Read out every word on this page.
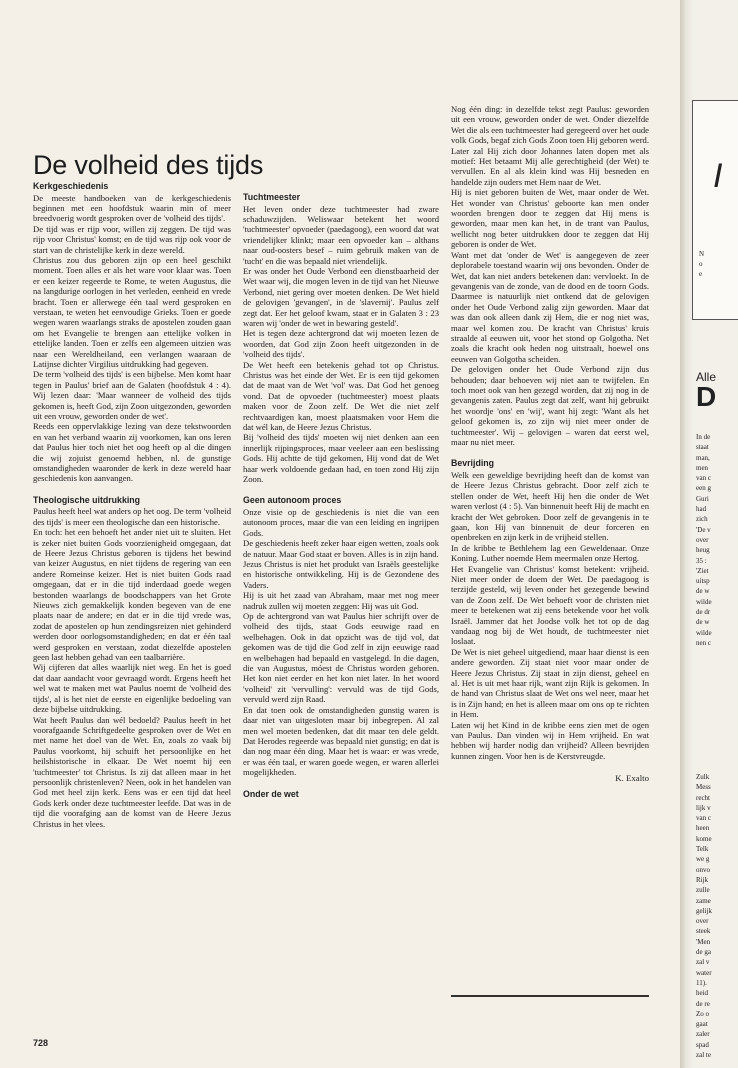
De volheid des tijds
Kerkgeschiedenis

De meeste handboeken van de kerkgeschiedenis beginnen met een hoofdstuk waarin min of meer breedvoerig wordt gesproken over de 'volheid des tijds'.

De tijd was er rijp voor, willen zij zeggen. De tijd was rijp voor Christus' komst; en de tijd was rijp ook voor de start van de christelijke kerk in deze wereld.

Christus zou dus geboren zijn op een heel geschikt moment. Toen alles er als het ware voor klaar was. Toen er een keizer regeerde te Rome, te weten Augustus, die na langdurige oorlogen in het verleden, eenheid en vrede bracht. Toen er allerwege één taal werd gesproken en verstaan, te weten het eenvoudige Grieks. Toen er goede wegen waren waarlangs straks de apostelen zouden gaan om het Evangelie te brengen aan ettelijke volken in ettelijke landen. Toen er zelfs een algemeen uitzien was naar een Wereldheiland, een verlangen waaraan de Latijnse dichter Virgilius uitdrukking had gegeven.

De term 'volheid des tijds' is een bijbelse. Men komt haar tegen in Paulus' brief aan de Galaten (hoofdstuk 4 : 4). Wij lezen daar: 'Maar wanneer de volheid des tijds gekomen is, heeft God, zijn Zoon uitgezonden, geworden uit een vrouw, geworden onder de wet'.

Reeds een oppervlakkige lezing van deze tekstwoorden en van het verband waarin zij voorkomen, kan ons leren dat Paulus hier toch niet het oog heeft op al die dingen die wij zojuist genoemd hebben, nl. de gunstige omstandigheden waaronder de kerk in deze wereld haar geschiedenis kon aanvangen.

Theologische uitdrukking

Paulus heeft heel wat anders op het oog. De term 'volheid des tijds' is meer een theologische dan een historische.

En toch: het een behoeft het ander niet uit te sluiten. Het is zeker niet buiten Gods voorzienigheid omgegaan, dat de Heere Jezus Christus geboren is tijdens het bewind van keizer Augustus, en niet tijdens de regering van een andere Romeinse keizer. Het is niet buiten Gods raad omgegaan, dat er in die tijd inderdaad goede wegen bestonden waarlangs de boodschappers van het Grote Nieuws zich gemakkelijk konden begeven van de ene plaats naar de andere; en dat er in die tijd vrede was, zodat de apostelen op hun zendingsreizen niet gehinderd werden door oorlogsomstandigheden; en dat er één taal werd gesproken en verstaan, zodat diezelfde apostelen geen last hebben gehad van een taalbarrière.

Wij cijferen dat alles waarlijk niet weg. En het is goed dat daar aandacht voor gevraagd wordt. Ergens heeft het wel wat te maken met wat Paulus noemt de 'volheid des tijds', al is het niet de eerste en eigenlijke bedoeling van deze bijbelse uitdrukking.

Wat heeft Paulus dan wél bedoeld? Paulus heeft in het voorafgaande Schriftgedeelte gesproken over de Wet en met name het doel van de Wet. En, zoals zo vaak bij Paulus voorkomt, hij schuift het persoonlijke en het heilshistorische in elkaar. De Wet noemt hij een 'tuchtmeester' tot Christus. Is zij dat alleen maar in het persoonlijk christenleven? Neen, ook in het handelen van God met heel zijn kerk. Eens was er een tijd dat heel Gods kerk onder deze tuchtmeester leefde. Dat was in de tijd die voorafging aan de komst van de Heere Jezus Christus in het vlees.

Tuchtmeester

Het leven onder deze tuchtmeester had zware schaduwzijden. Weliswaar betekent het woord 'tuchtmeester' opvoeder (paedagoog), een woord dat wat vriendelijker klinkt; maar een opvoeder kan – althans naar oud-oosters besef – ruim gebruik maken van de 'tucht' en die was bepaald niet vriendelijk.

Er was onder het Oude Verbond een dienstbaarheid der Wet waar wij, die mogen leven in de tijd van het Nieuwe Verbond, niet gering over moeten denken. De Wet hield de gelovigen 'gevangen', in de 'slavernij'. Paulus zelf zegt dat. Eer het geloof kwam, staat er in Galaten 3 : 23 waren wij 'onder de wet in bewaring gesteld'.

Het is tegen deze achtergrond dat wij moeten lezen de woorden, dat God zijn Zoon heeft uitgezonden in de 'volheid des tijds'.

De Wet heeft een betekenis gehad tot op Christus. Christus was het einde der Wet. Er is een tijd gekomen dat de maat van de Wet 'vol' was. Dat God het genoeg vond. Dat de opvoeder (tuchtmeester) moest plaats maken voor de Zoon zelf. De Wet die niet zelf rechtvaardigen kan, moest plaatsmaken voor Hem die dat wél kan, de Heere Jezus Christus.

Bij 'volheid des tijds' moeten wij niet denken aan een innerlijk rijpingsproces, maar veeleer aan een beslissing Gods. Hij achtte de tijd gekomen, Hij vond dat de Wet haar werk voldoende gedaan had, en toen zond Hij zijn Zoon.

Geen autonoom proces

Onze visie op de geschiedenis is niet die van een autonoom proces, maar die van een leiding en ingrijpen Gods.

De geschiedenis heeft zeker haar eigen wetten, zoals ook de natuur. Maar God staat er boven. Alles is in zijn hand.

Jezus Christus is niet het produkt van Israëls geestelijke en historische ontwikkeling. Hij is de Gezondene des Vaders.

Hij is uit het zaad van Abraham, maar met nog meer nadruk zullen wij moeten zeggen: Hij was uit God.

Op de achtergrond van wat Paulus hier schrijft over de volheid des tijds, staat Gods eeuwige raad en welbehagen. Ook in dat opzicht was de tijd vol, dat gekomen was de tijd die God zelf in zijn eeuwige raad en welbehagen had bepaald en vastgelegd. In die dagen, die van Augustus, móest de Christus worden geboren. Het kon niet eerder en het kon niet later. In het woord 'volheid' zit 'vervulling': vervuld was de tijd Gods, vervuld werd zijn Raad.

En dat toen ook de omstandigheden gunstig waren is daar niet van uitgesloten maar bij inbegrepen. Al zal men wel moeten bedenken, dat dit maar ten dele geldt. Dat Herodes regeerde was bepaald niet gunstig; en dat is dan nog maar één ding. Maar het is waar: er was vrede, er was één taal, er waren goede wegen, er waren allerlei mogelijkheden.

Onder de wet

Nog één ding: in dezelfde tekst zegt Paulus: geworden uit een vrouw, geworden onder de wet. Onder diezelfde Wet die als een tuchtmeester had geregeerd over het oude volk Gods, begaf zich Gods Zoon toen Hij geboren werd. Later zal Hij zich door Johannes laten dopen met als motief: Het betaamt Mij alle gerechtigheid (der Wet) te vervullen. En al als klein kind was Hij besneden en handelde zijn ouders met Hem naar de Wet.

Hij is niet geboren buiten de Wet, maar onder de Wet. Het wonder van Christus' geboorte kan men onder woorden brengen door te zeggen dat Hij mens is geworden, maar men kan het, in de trant van Paulus, wellicht nog beter uitdrukken door te zeggen dat Hij geboren is onder de Wet.

Want met dat 'onder de Wet' is aangegeven de zeer deplorabele toestand waarin wij ons bevonden. Onder de Wet, dat kan niet anders betekenen dan: vervloekt. In de gevangenis van de zonde, van de dood en de toorn Gods. Daarmee is natuurlijk niet ontkend dat de gelovigen onder het Oude Verbond zalig zijn geworden. Maar dat was dan ook alleen dank zij Hem, die er nog niet was, maar wel komen zou. De kracht van Christus' kruis straalde al eeuwen uit, voor het stond op Golgotha. Net zoals die kracht ook heden nog uitstraalt, hoewel ons eeuwen van Golgotha scheiden.

De gelovigen onder het Oude Verbond zijn dus behouden; daar behoeven wij niet aan te twijfelen. En toch moet ook van hen gezegd worden, dat zij nog in de gevangenis zaten. Paulus zegt dat zelf, want hij gebruikt het woordje 'ons' en 'wij', want hij zegt: 'Want als het geloof gekomen is, zo zijn wij niet meer onder de tuchtmeester'. Wij – gelovigen – waren dat eerst wel, maar nu niet meer.

Bevrijding

Welk een geweldige bevrijding heeft dan de komst van de Heere Jezus Christus gebracht. Door zelf zich te stellen onder de Wet, heeft Hij hen die onder de Wet waren verlost (4 : 5). Van binnenuit heeft Hij de macht en kracht der Wet gebroken. Door zelf de gevangenis in te gaan, kon Hij van binnenuit de deur forceren en openbreken en zijn kerk in de vrijheid stellen.

In de kribbe te Bethlehem lag een Geweldenaar. Onze Koning. Luther noemde Hem meermalen onze Hertog.

Het Evangelie van Christus' komst betekent: vrijheid. Niet meer onder de doem der Wet. De paedagoog is terzijde gesteld, wij leven onder het gezegende bewind van de Zoon zelf. De Wet behoeft voor de christen niet meer te betekenen wat zij eens betekende voor het volk Israël. Jammer dat het Joodse volk het tot op de dag vandaag nog bij de Wet houdt, de tuchtmeester niet loslaat.

De Wet is niet geheel uitgediend, maar haar dienst is een andere geworden. Zij staat niet voor maar onder de Heere Jezus Christus. Zij staat in zijn dienst, geheel en al. Het is uit met haar rijk, want zijn Rijk is gekomen. In de hand van Christus slaat de Wet ons wel neer, maar het is in Zijn hand; en het is alleen maar om ons op te richten in Hem.

Laten wij het Kind in de kribbe eens zien met de ogen van Paulus. Dan vinden wij in Hem vrijheid. En wat hebben wij harder nodig dan vrijheid? Alleen bevrijden kunnen zingen. Voor hen is de Kerstvreugde.

K. Exalto

728
I
N
o
e
Alle
D
In de
staat
man,
men
van c
een g
Guri
had
zich
'De v
over
heug
35 :
'Ziet
uitsp
de w
wilde
de dr
de w
wilde
nen c
Zulk
Mess
recht
lijk v
van c
heen
kome
Telk
we g
onvo
Rijk
zulle
zame
gelijk
over
steek
'Men
de ga
zal v
water
11).
heid
de re
Zo o
gaat
zaler
spad
zal te
